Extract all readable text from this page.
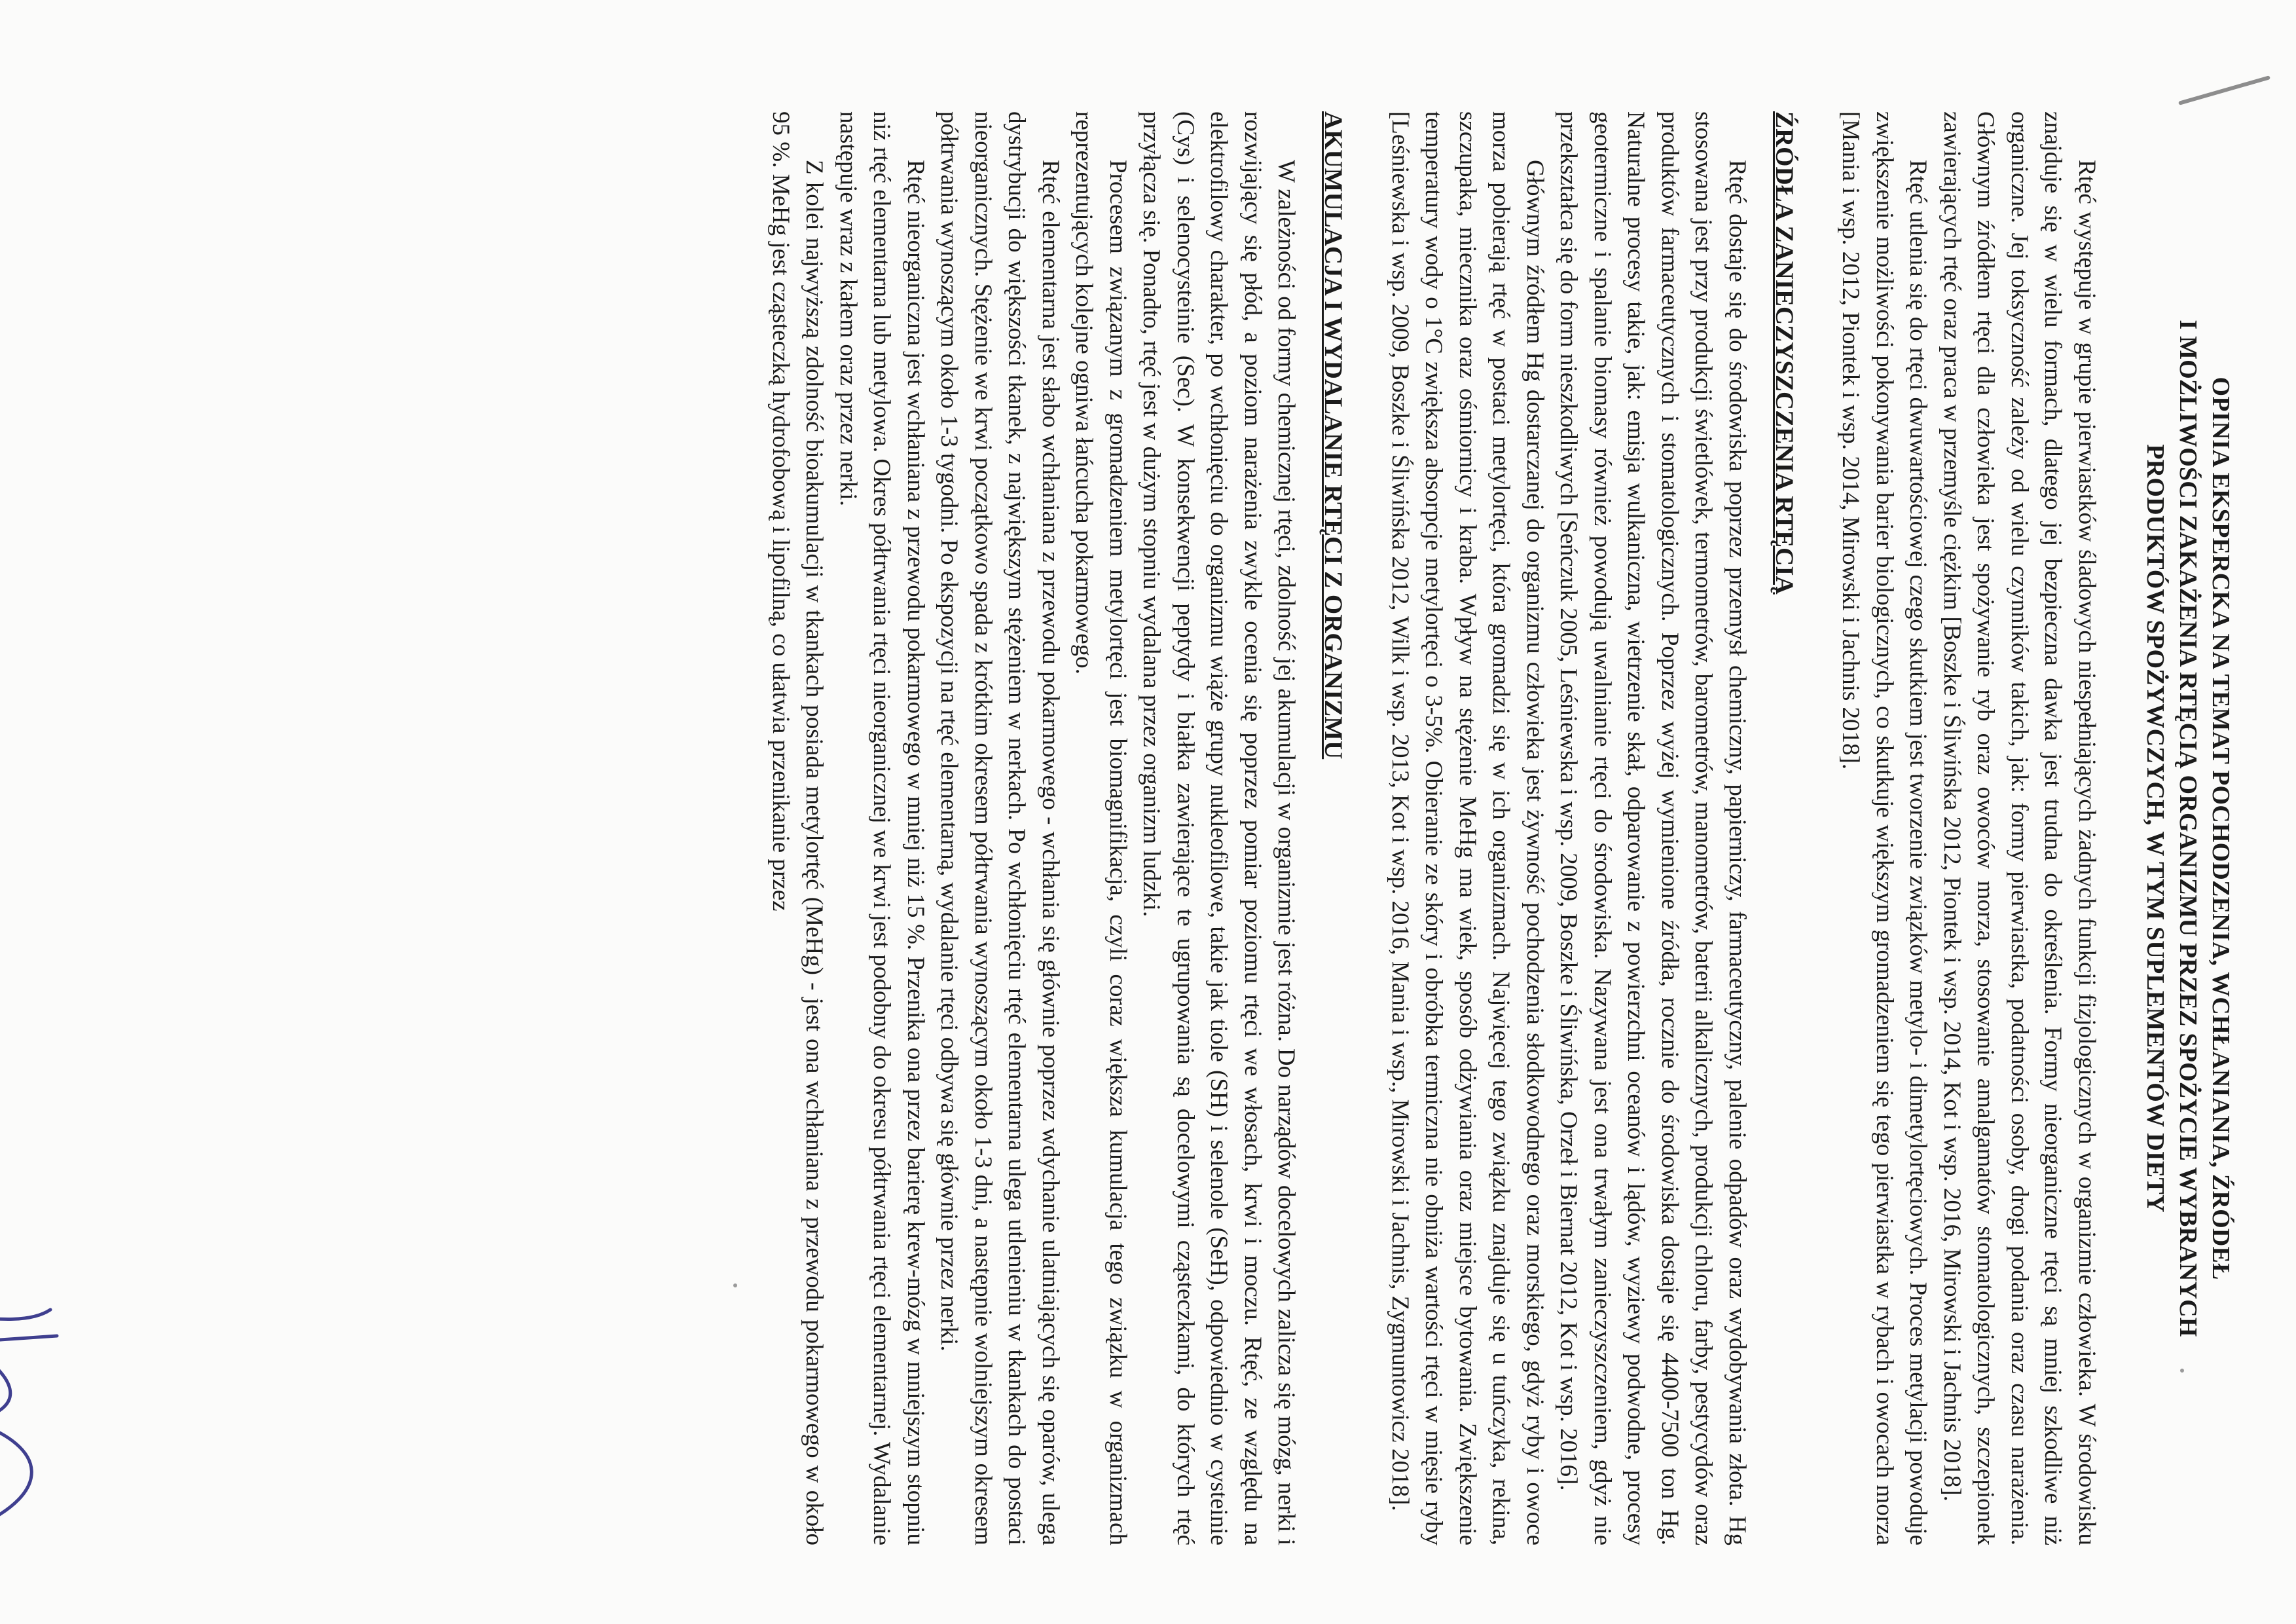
OPINIA EKSPERCKA NA TEMAT POCHODZENIA, WCHŁANIANIA, ŹRÓDEŁ
I MOŻLIWOŚCI ZAKAŻENIA RTĘCIĄ ORGANIZMU PRZEZ SPOŻYCIE WYBRANYCH
PRODUKTÓW SPOŻYWCZYCH, W TYM SUPLEMENTÓW DIETY

Rtęć występuje w grupie pierwiastków śladowych niespełniających żadnych funkcji fizjologicznych w organizmie człowieka. W środowisku znajduje się w wielu formach, dlatego jej bezpieczna dawka jest trudna do określenia. Formy nieorganiczne rtęci są mniej szkodliwe niż organiczne. Jej toksyczność zależy od wielu czynników takich, jak: formy pierwiastka, podatności osoby, drogi podania oraz czasu narażenia. Głównym źródłem rtęci dla człowieka jest spożywanie ryb oraz owoców morza, stosowanie amalgamatów stomatologicznych, szczepionek zawierających rtęć oraz praca w przemyśle ciężkim [Boszke i Śliwińska 2012, Piontek i wsp. 2014, Kot i wsp. 2016, Mirowski i Jachnis 2018].

Rtęć utlenia się do rtęci dwuwartościowej czego skutkiem jest tworzenie związków metylo- i dimetylortęciowych. Proces metylacji powoduje zwiększenie możliwości pokonywania barier biologicznych, co skutkuje większym gromadzeniem się tego pierwiastka w rybach i owocach morza [Mania i wsp. 2012, Piontek i wsp. 2014, Mirowski i Jachnis 2018].

ŹRÓDŁA ZANIECZYSZCZENIA RTĘCIĄ

Rtęć dostaje się do środowiska poprzez przemysł chemiczny, papierniczy, farmaceutyczny, palenie odpadów oraz wydobywania złota. Hg stosowana jest przy produkcji świetlówek, termometrów, barometrów, manometrów, baterii alkalicznych, produkcji chloru, farby, pestycydów oraz produktów farmaceutycznych i stomatologicznych. Poprzez wyżej wymienione źródła, rocznie do środowiska dostaje się 4400-7500 ton Hg. Naturalne procesy takie, jak: emisja wulkaniczna, wietrzenie skał, odparowanie z powierzchni oceanów i lądów, wyziewy podwodne, procesy geotermiczne i spalanie biomasy również powodują uwalnianie rtęci do środowiska. Nazywana jest ona trwałym zanieczyszczeniem, gdyż nie przekształca się do form nieszkodliwych [Seńczuk 2005, Leśniewska i wsp. 2009, Boszke i Śliwińska, Orzeł i Biernat 2012, Kot i wsp. 2016].

Głównym źródłem Hg dostarczanej do organizmu człowieka jest żywność pochodzenia słodkowodnego oraz morskiego, gdyż ryby i owoce morza pobierają rtęć w postaci metylortęci, która gromadzi się w ich organizmach. Najwięcej tego związku znajduje się u tuńczyka, rekina, szczupaka, miecznika oraz ośmiornicy i kraba. Wpływ na stężenie MeHg ma wiek, sposób odżywiania oraz miejsce bytowania. Zwiększenie temperatury wody o 1°C zwiększa absorpcje metylortęci o 3-5%. Obieranie ze skóry i obróbka termiczna nie obniża wartości rtęci w mięsie ryby [Leśniewska i wsp. 2009, Boszke i Śliwińska 2012, Wilk i wsp. 2013, Kot i wsp. 2016, Mania i wsp., Mirowski i Jachnis, Zygmuntowicz 2018].

AKUMULACJA I WYDALANIE RTĘCI Z ORGANIZMU

W zależności od formy chemicznej rtęci, zdolność jej akumulacji w organizmie jest różna. Do narządów docelowych zalicza się mózg, nerki i rozwijający się płód, a poziom narażenia zwykle ocenia się poprzez pomiar poziomu rtęci we włosach, krwi i moczu. Rtęć, ze względu na elektrofilowy charakter, po wchłonięciu do organizmu wiąże grupy nukleofilowe, takie jak tiole (SH) i selenole (SeH), odpowiednio w cysteinie (Cys) i selenocysteinie (Sec). W konsekwencji peptydy i białka zawierające te ugrupowania są docelowymi cząsteczkami, do których rtęć przyłącza się. Ponadto, rtęć jest w dużym stopniu wydalana przez organizm ludzki.

Procesem związanym z gromadzeniem metylortęci jest biomagnifikacja, czyli coraz większa kumulacja tego związku w organizmach reprezentujących kolejne ogniwa łańcucha pokarmowego.

Rtęć elementarna jest słabo wchłaniana z przewodu pokarmowego - wchłania się głównie poprzez wdychanie ulatniających się oparów, ulega dystrybucji do większości tkanek, z największym stężeniem w nerkach. Po wchłonięciu rtęć elementarna ulega utlenieniu w tkankach do postaci nieorganicznych. Stężenie we krwi początkowo spada z krótkim okresem półtrwania wynoszącym około 1-3 dni, a następnie wolniejszym okresem półtrwania wynoszącym około 1-3 tygodni. Po ekspozycji na rtęć elementarną, wydalanie rtęci odbywa się głównie przez nerki.

Rtęć nieorganiczna jest wchłaniana z przewodu pokarmowego w mniej niż 15 %. Przenika ona przez barierę krew-mózg w mniejszym stopniu niż rtęć elementarna lub metylowa. Okres półtrwania rtęci nieorganicznej we krwi jest podobny do okresu półtrwania rtęci elementarnej. Wydalanie następuje wraz z kałem oraz przez nerki.

Z kolei najwyższą zdolność bioakumulacji w tkankach posiada metylortęć (MeHg) - jest ona wchłaniana z przewodu pokarmowego w około 95 %. MeHg jest cząsteczką hydrofobową i lipofilną, co ułatwia przenikanie przez
